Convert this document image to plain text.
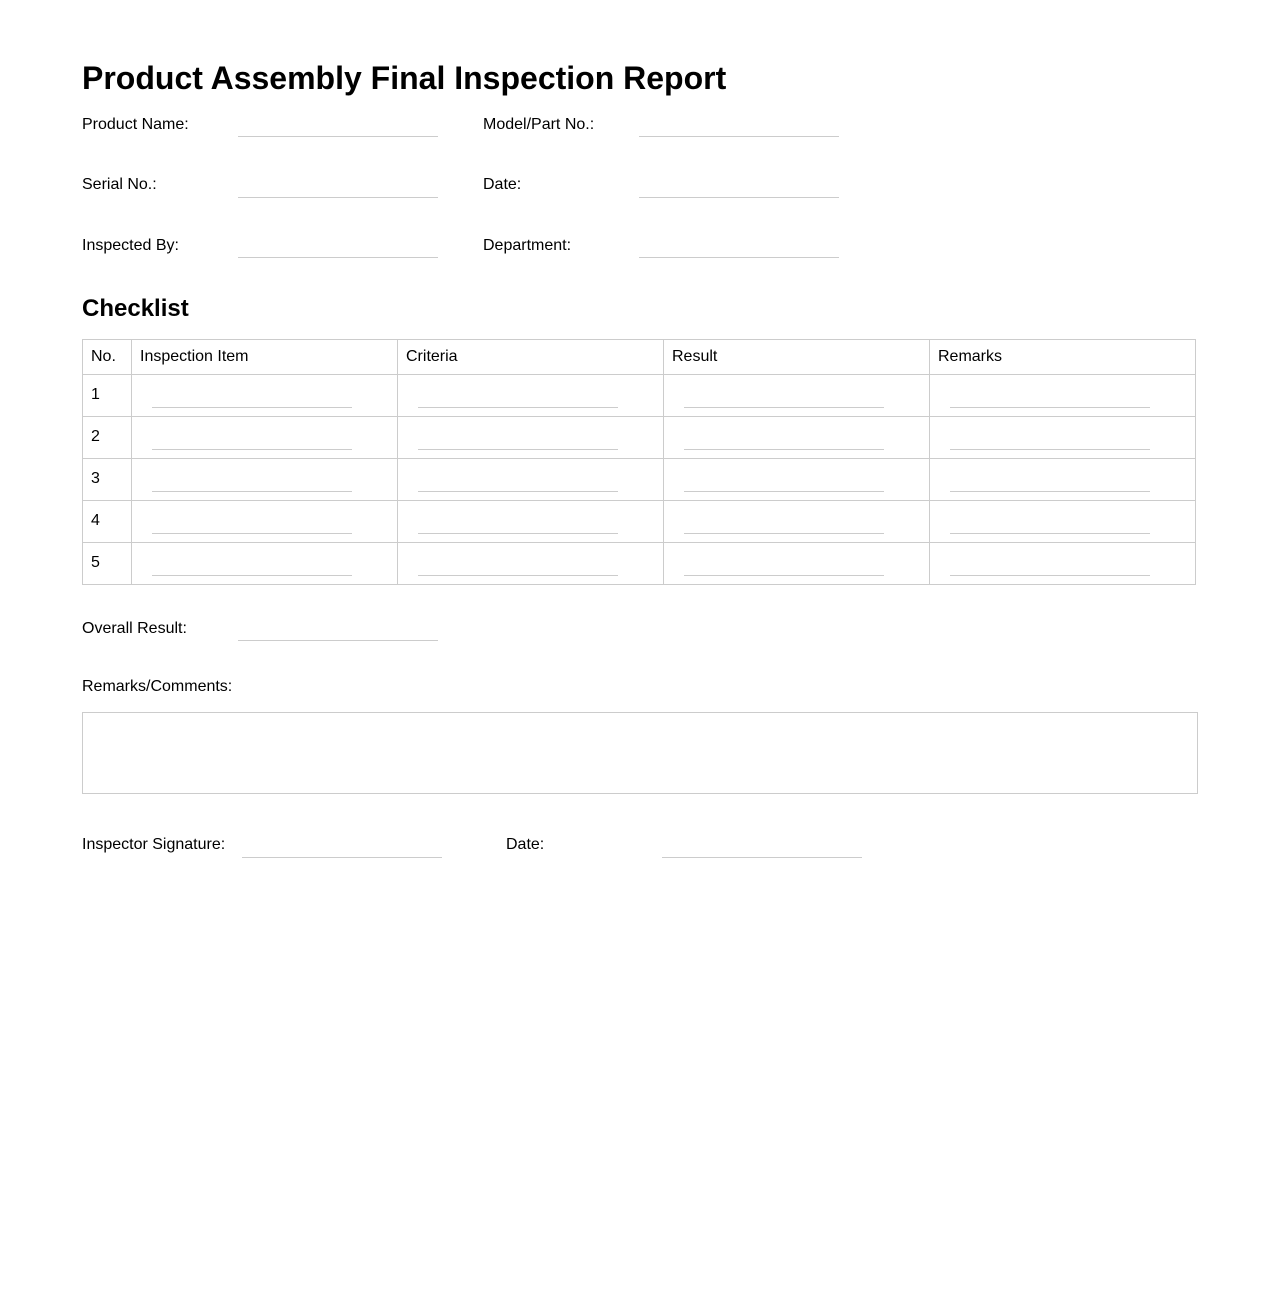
Product Assembly Final Inspection Report
Product Name:	Model/Part No.:
Serial No.:	Date:
Inspected By:	Department:
Checklist
No.	Inspection Item	Criteria	Result	Remarks
1	

2	

3	

4	

5	

Overall Result:
Remarks/Comments:
Inspector Signature:	Date:
